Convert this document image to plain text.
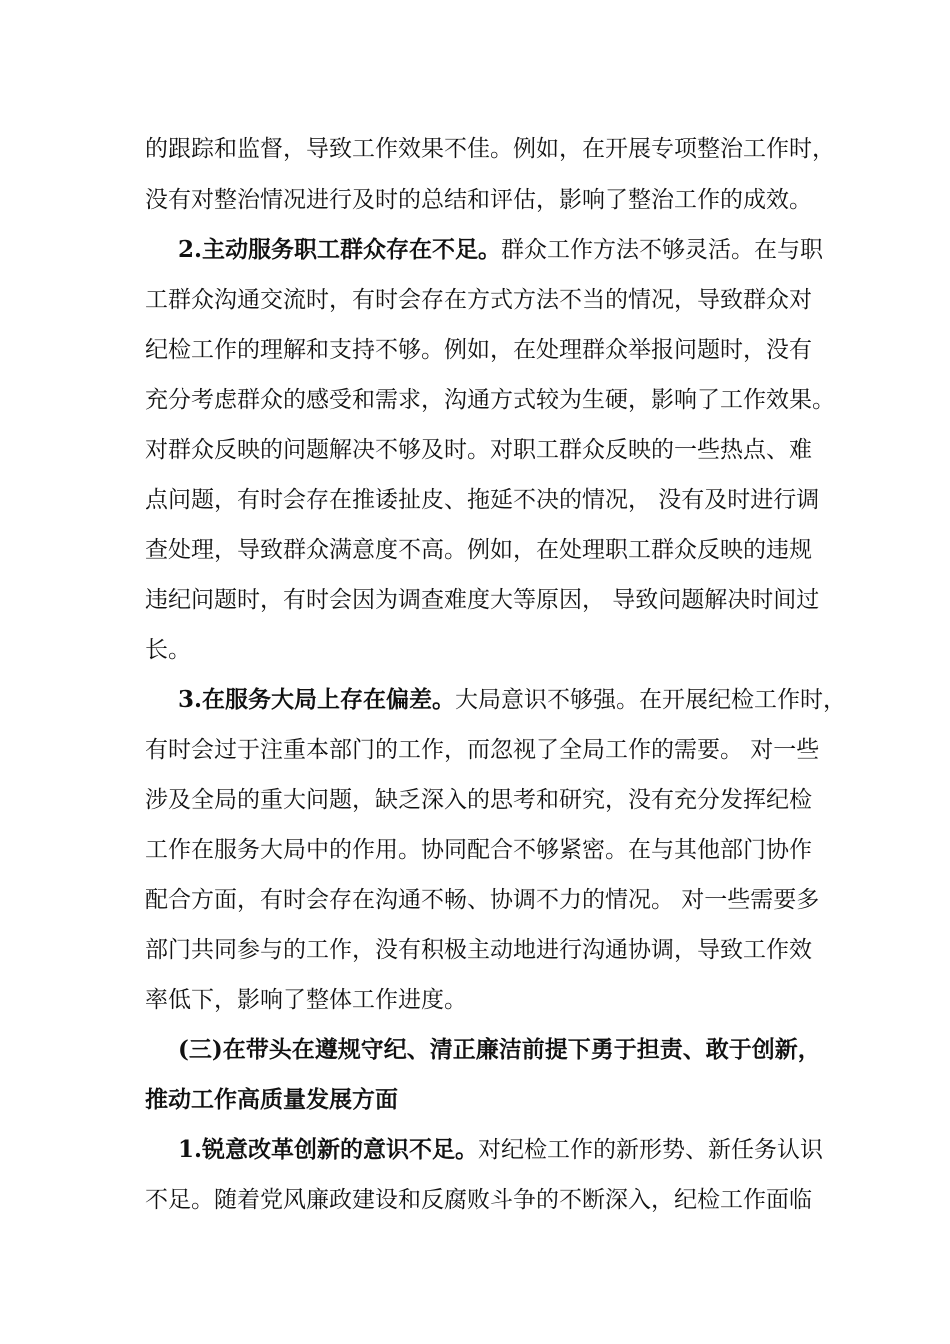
的跟踪和监督，导致工作效果不佳。例如，在开展专项整治工作时，
没有对整治情况进行及时的总结和评估，影响了整治工作的成效。
2.主动服务职工群众存在不足。群众工作方法不够灵活。在与职
工群众沟通交流时，有时会存在方式方法不当的情况，导致群众对
纪检工作的理解和支持不够。例如，在处理群众举报问题时，没有
充分考虑群众的感受和需求，沟通方式较为生硬，影响了工作效果。
对群众反映的问题解决不够及时。对职工群众反映的一些热点、难
点问题，有时会存在推诿扯皮、拖延不决的情况， 没有及时进行调
查处理，导致群众满意度不高。例如，在处理职工群众反映的违规
违纪问题时，有时会因为调查难度大等原因， 导致问题解决时间过
长。
3.在服务大局上存在偏差。大局意识不够强。在开展纪检工作时，
有时会过于注重本部门的工作，而忽视了全局工作的需要。 对一些
涉及全局的重大问题，缺乏深入的思考和研究，没有充分发挥纪检
工作在服务大局中的作用。协同配合不够紧密。在与其他部门协作
配合方面，有时会存在沟通不畅、协调不力的情况。 对一些需要多
部门共同参与的工作，没有积极主动地进行沟通协调，导致工作效
率低下，影响了整体工作进度。
(三)在带头在遵规守纪、清正廉洁前提下勇于担责、敢于创新，
推动工作高质量发展方面
1.锐意改革创新的意识不足。对纪检工作的新形势、新任务认识
不足。随着党风廉政建设和反腐败斗争的不断深入，纪检工作面临
